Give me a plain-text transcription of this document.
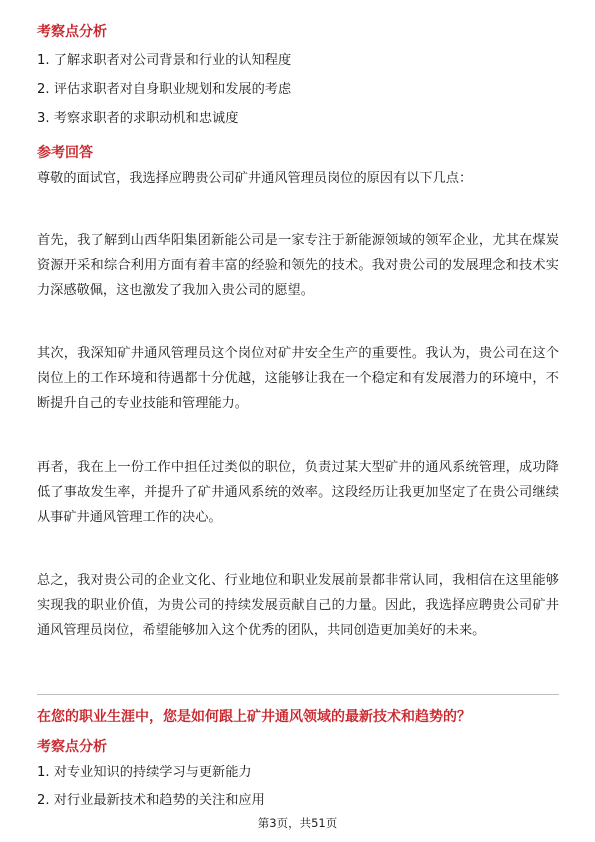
考察点分析

1. 了解求职者对公司背景和行业的认知程度

2. 评估求职者对自身职业规划和发展的考虑

3. 考察求职者的求职动机和忠诚度

参考回答

尊敬的面试官，我选择应聘贵公司矿井通风管理员岗位的原因有以下几点：

首先，我了解到山西华阳集团新能公司是一家专注于新能源领域的领军企业，尤其在煤炭资源开采和综合利用方面有着丰富的经验和领先的技术。我对贵公司的发展理念和技术实力深感敬佩，这也激发了我加入贵公司的愿望。

其次，我深知矿井通风管理员这个岗位对矿井安全生产的重要性。我认为，贵公司在这个岗位上的工作环境和待遇都十分优越，这能够让我在一个稳定和有发展潜力的环境中，不断提升自己的专业技能和管理能力。

再者，我在上一份工作中担任过类似的职位，负责过某大型矿井的通风系统管理，成功降低了事故发生率，并提升了矿井通风系统的效率。这段经历让我更加坚定了在贵公司继续从事矿井通风管理工作的决心。

总之，我对贵公司的企业文化、行业地位和职业发展前景都非常认同，我相信在这里能够实现我的职业价值，为贵公司的持续发展贡献自己的力量。因此，我选择应聘贵公司矿井通风管理员岗位，希望能够加入这个优秀的团队，共同创造更加美好的未来。

在您的职业生涯中，您是如何跟上矿井通风领域的最新技术和趋势的？
考察点分析

1. 对专业知识的持续学习与更新能力

2. 对行业最新技术和趋势的关注和应用

第3页，共51页
